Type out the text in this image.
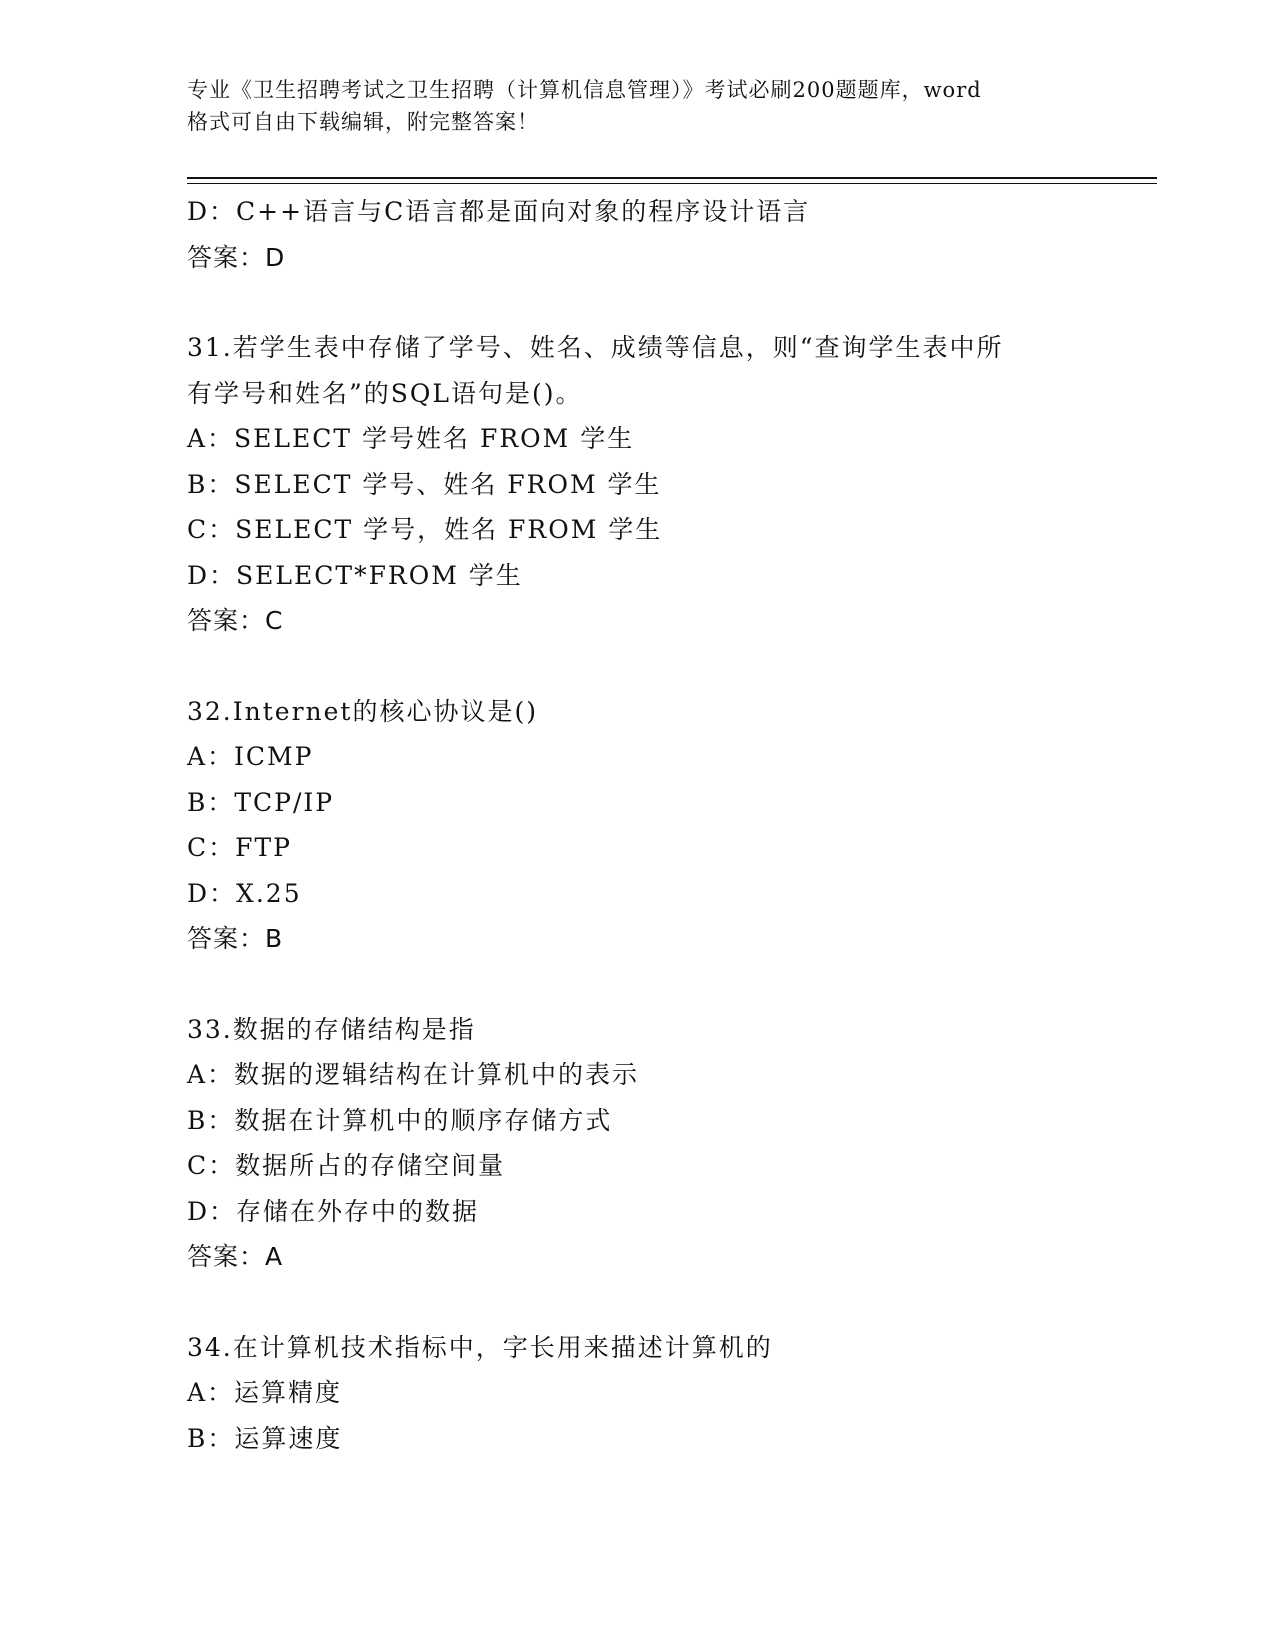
专业《卫生招聘考试之卫生招聘（计算机信息管理）》考试必刷200题题库，word
格式可自由下载编辑，附完整答案！
D：C++语言与C语言都是面向对象的程序设计语言
答案：D
31.若学生表中存储了学号、姓名、成绩等信息，则“查询学生表中所
有学号和姓名”的SQL语句是()。
A：SELECT 学号姓名 FROM 学生
B：SELECT 学号、姓名 FROM 学生
C：SELECT 学号，姓名 FROM 学生
D：SELECT*FROM 学生
答案：C
32.Internet的核心协议是()
A：ICMP
B：TCP/IP
C：FTP
D：X.25
答案：B
33.数据的存储结构是指
A：数据的逻辑结构在计算机中的表示
B：数据在计算机中的顺序存储方式
C：数据所占的存储空间量
D：存储在外存中的数据
答案：A
34.在计算机技术指标中，字长用来描述计算机的
A：运算精度
B：运算速度
